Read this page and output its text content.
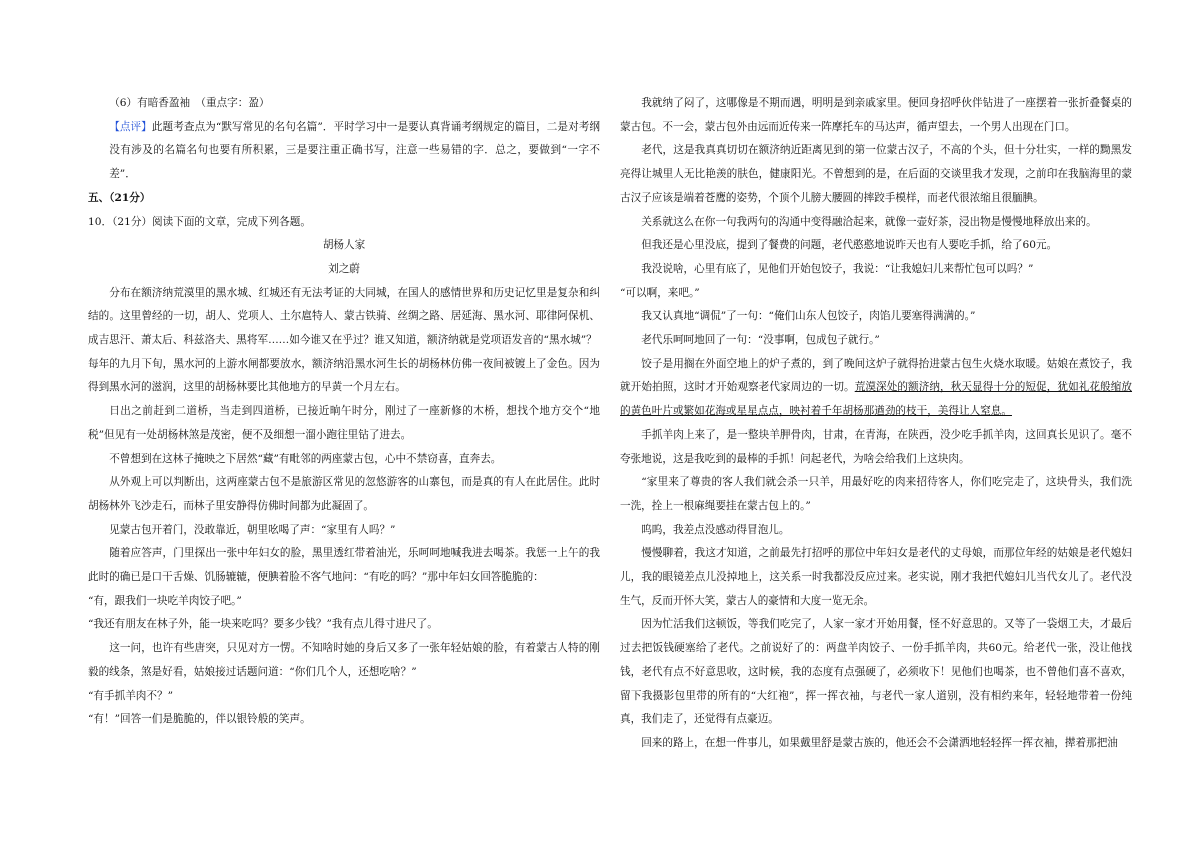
（6）有暗香盈袖　（重点字：盈）

【点评】此题考查点为“默写常见的名句名篇”．平时学习中一是要认真背诵考纲规定的篇目，二是对考纲没有涉及的名篇名句也要有所积累，三是要注重正确书写，注意一些易错的字．总之，要做到“一字不差”．

五、（21分）

10．（21分）阅读下面的文章，完成下列各题。

胡杨人家

刘之蔚

分布在额济纳荒漠里的黑水城、红城还有无法考证的大同城，在国人的感情世界和历史记忆里是复杂和纠结的。这里曾经的一切，胡人、党项人、土尔扈特人、蒙古铁骑、丝绸之路、居延海、黑水河、耶律阿保机、成吉思汗、萧太后、科兹洛夫、黑将军……如今谁又在乎过？谁又知道，额济纳就是党项语发音的“黑水城”？

每年的九月下旬，黑水河的上游水闸都要放水，额济纳沿黑水河生长的胡杨林仿佛一夜间被镀上了金色。因为得到黑水河的滋润，这里的胡杨林要比其他地方的早黄一个月左右。

日出之前赶到二道桥，当走到四道桥，已接近晌午时分，刚过了一座新修的木桥，想找个地方交个“地税”但见有一处胡杨林煞是茂密，便不及细想一溜小跑往里钻了进去。

不曾想到在这林子掩映之下居然“藏”有毗邻的两座蒙古包，心中不禁窃喜，直奔去。

从外观上可以判断出，这两座蒙古包不是旅游区常见的忽悠游客的山寨包，而是真的有人在此居住。此时胡杨林外飞沙走石，而林子里安静得仿佛时间都为此凝固了。

见蒙古包开着门，没敢靠近，朝里吆喝了声：“家里有人吗？”

随着应答声，门里探出一张中年妇女的脸，黑里透红带着油光，乐呵呵地喊我进去喝茶。我惩一上午的我此时的确已是口干舌燥、饥肠辘辘，便腆着脸不客气地问：“有吃的吗？”那中年妇女回答脆脆的：

“有，跟我们一块吃羊肉饺子吧。”

“我还有朋友在林子外，能一块来吃吗？要多少钱？”我有点儿得寸进尺了。

这一问，也许有些唐突，只见对方一愣。不知啥时她的身后又多了一张年轻姑娘的脸，有着蒙古人特的刚毅的线条，煞是好看，姑娘接过话题问道：“你们几个人，还想吃啥？”

“有手抓羊肉不？”

“有！”回答一们是脆脆的，伴以银铃般的笑声。

我就纳了闷了，这哪像是不期而遇，明明是到亲戚家里。便回身招呼伙伴钻进了一座摆着一张折叠餐桌的蒙古包。不一会，蒙古包外由远而近传来一阵摩托车的马达声，循声望去，一个男人出现在门口。

老代，这是我真真切切在额济纳近距离见到的第一位蒙古汉子，不高的个头，但十分壮实，一样的黝黑发亮得让城里人无比艳羡的肤色，健康阳光。不曾想到的是，在后面的交谈里我才发现，之前印在我脑海里的蒙古汉子应该是端着苍鹰的姿势，个顶个儿膀大腰圆的摔跤手模样，而老代很浓缩且很腼腆。

关系就这么在你一句我两句的沟通中变得融洽起来，就像一壶好茶，浸出物是慢慢地释放出来的。

但我还是心里没底，提到了餐费的问题，老代憨憨地说昨天也有人要吃手抓，给了60元。

我没说啥，心里有底了，见他们开始包饺子，我说：“让我媳妇儿来帮忙包可以吗？”

“可以啊，来吧。”

我又认真地“调侃”了一句：“俺们山东人包饺子，肉馅儿要塞得满满的。”

老代乐呵呵地回了一句：“没事啊，包成包子就行。”

饺子是用搁在外面空地上的炉子煮的，到了晚间这炉子就得抬进蒙古包生火烧水取暖。姑娘在煮饺子，我就开始拍照，这时才开始观察老代家周边的一切。荒漠深处的额济纳，秋天显得十分的短促，犹如礼花般缩放的黄色叶片或繁如花海或星星点点，映衬着千年胡杨那遒劲的枝干，美得让人窒息。

手抓羊肉上来了，是一整块羊胛骨肉，甘肃，在青海，在陕西，没少吃手抓羊肉，这回真长见识了。毫不夸张地说，这是我吃到的最棒的手抓！问起老代，为啥会给我们上这块肉。

“家里来了尊贵的客人我们就会杀一只羊，用最好吃的肉来招待客人，你们吃完走了，这块骨头，我们洗一洗，拴上一根麻绳要挂在蒙古包上的。”

呜呜，我差点没感动得冒泡儿。

慢慢聊着，我这才知道，之前最先打招呼的那位中年妇女是老代的丈母娘，而那位年经的姑娘是老代媳妇儿，我的眼镜差点儿没掉地上，这关系一时我都没反应过来。老实说，刚才我把代媳妇儿当代女儿了。老代没生气，反而开怀大笑，蒙古人的豪情和大度一览无余。

因为忙活我们这顿饭，等我们吃完了，人家一家才开始用餐，怪不好意思的。又等了一袋烟工夫，才最后过去把饭钱硬塞给了老代。之前说好了的：两盘羊肉饺子、一份手抓羊肉，共60元。给老代一张，没让他找钱，老代有点不好意思收，这时候，我的态度有点强硬了，必须收下！见他们也喝茶，也不曾他们喜不喜欢，留下我摄影包里带的所有的“大红袍”，挥一挥衣袖，与老代一家人道别，没有相约来年，轻轻地带着一份纯真，我们走了，还觉得有点豪迈。

回来的路上，在想一件事儿，如果戴里舒是蒙古族的，他还会不会潇洒地轻轻挥一挥衣袖，撵着那把油
